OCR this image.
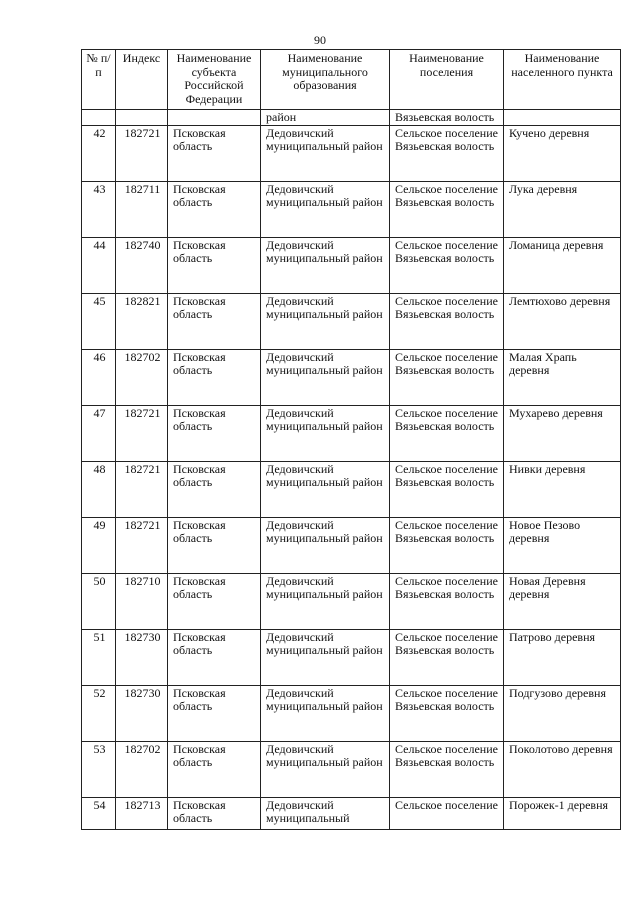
90
№ п/п	Индекс	Наименование субъекта Российской Федерации	Наименование муниципального образования	Наименование поселения	Наименование населенного пункта
			район	Вязьевская волость	
42	182721	Псковская область	Дедовичский муниципальный район	Сельское поселение Вязьевская волость	Кучено деревня
43	182711	Псковская область	Дедовичский муниципальный район	Сельское поселение Вязьевская волость	Лука деревня
44	182740	Псковская область	Дедовичский муниципальный район	Сельское поселение Вязьевская волость	Ломаница деревня
45	182821	Псковская область	Дедовичский муниципальный район	Сельское поселение Вязьевская волость	Лемтюхово деревня
46	182702	Псковская область	Дедовичский муниципальный район	Сельское поселение Вязьевская волость	Малая Храпь деревня
47	182721	Псковская область	Дедовичский муниципальный район	Сельское поселение Вязьевская волость	Мухарево деревня
48	182721	Псковская область	Дедовичский муниципальный район	Сельское поселение Вязьевская волость	Нивки деревня
49	182721	Псковская область	Дедовичский муниципальный район	Сельское поселение Вязьевская волость	Новое Пезово деревня
50	182710	Псковская область	Дедовичский муниципальный район	Сельское поселение Вязьевская волость	Новая Деревня деревня
51	182730	Псковская область	Дедовичский муниципальный район	Сельское поселение Вязьевская волость	Патрово деревня
52	182730	Псковская область	Дедовичский муниципальный район	Сельское поселение Вязьевская волость	Подгузово деревня
53	182702	Псковская область	Дедовичский муниципальный район	Сельское поселение Вязьевская волость	Поколотово деревня
54	182713	Псковская область	Дедовичский муниципальный	Сельское поселение	Порожек-1 деревня
